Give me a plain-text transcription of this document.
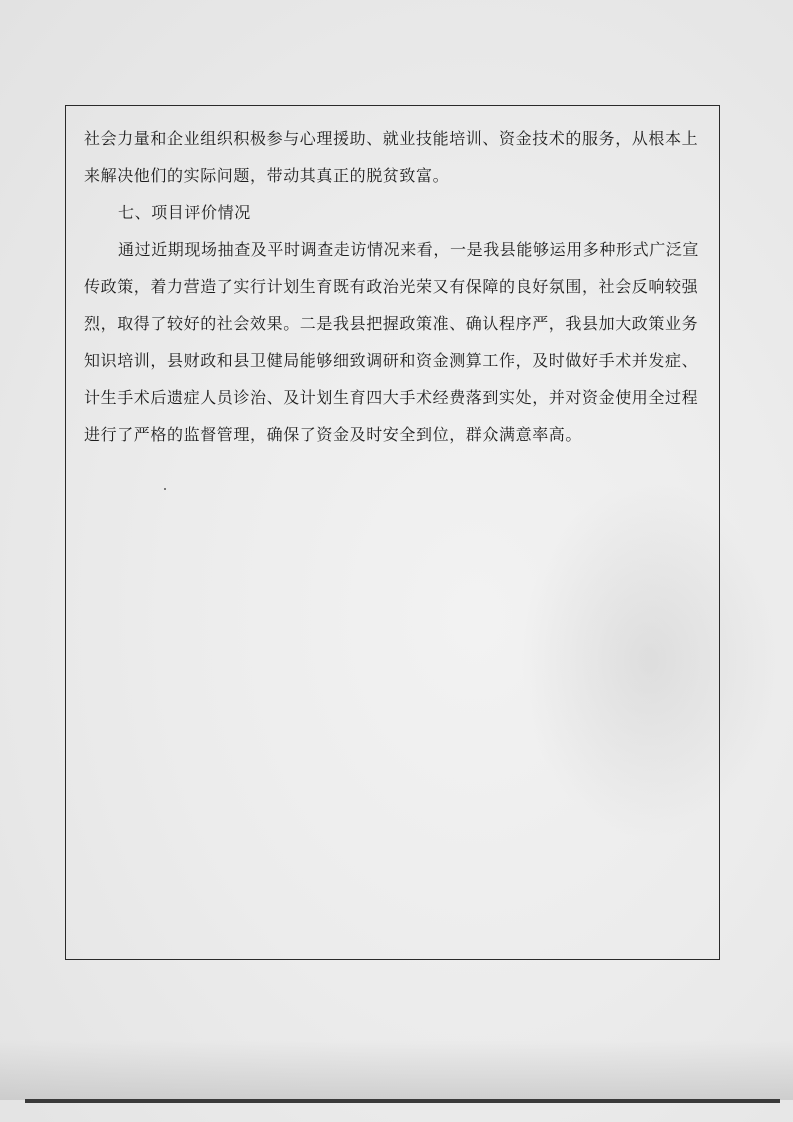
社会力量和企业组织积极参与心理援助、就业技能培训、资金技术的服务，从根本上来解决他们的实际问题，带动其真正的脱贫致富。

七、项目评价情况

通过近期现场抽查及平时调查走访情况来看，一是我县能够运用多种形式广泛宣传政策，着力营造了实行计划生育既有政治光荣又有保障的良好氛围，社会反响较强烈，取得了较好的社会效果。二是我县把握政策准、确认程序严，我县加大政策业务知识培训，县财政和县卫健局能够细致调研和资金测算工作，及时做好手术并发症、计生手术后遗症人员诊治、及计划生育四大手术经费落到实处，并对资金使用全过程进行了严格的监督管理，确保了资金及时安全到位，群众满意率高。
